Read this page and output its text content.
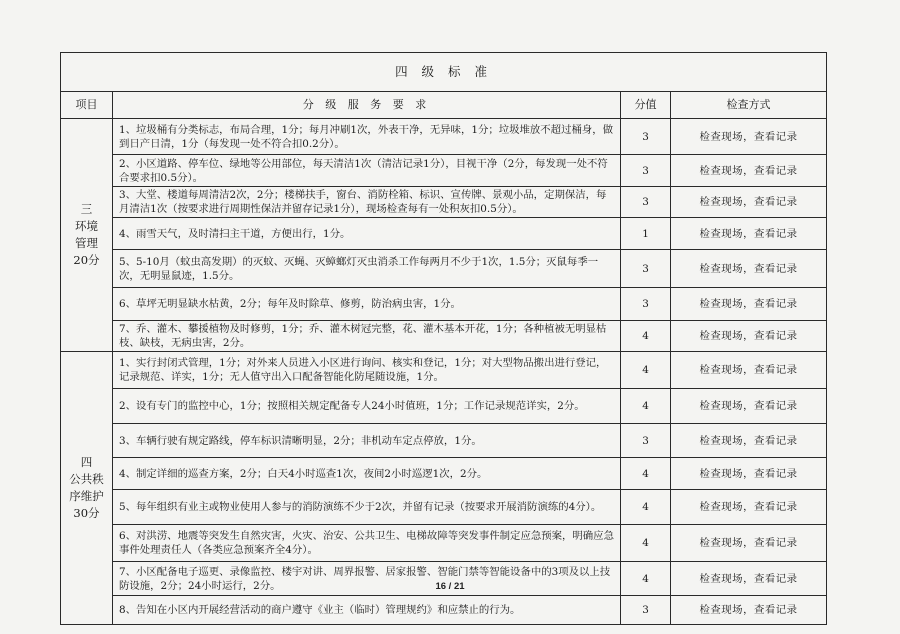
四 级 标 准			
项目	分 级 服 务 要 求	分值	检查方式

三
环境
管理
20分	1、垃圾桶有分类标志，布局合理，1分；每月冲刷1次，外表干净，无异味，1分；垃圾堆放不超过桶身，做到日产日清，1分（每发现一处不符合扣0.2分）。	3	检查现场，查看记录
	2、小区道路、停车位、绿地等公用部位，每天清洁1次（清洁记录1分），目视干净（2分，每发现一处不符合要求扣0.5分）。	3	检查现场，查看记录
	3、大堂、楼道每周清洁2次，2分；楼梯扶手，窗台、消防栓箱、标识、宣传牌、景观小品，定期保洁，每月清洁1次（按要求进行周期性保洁并留存记录1分），现场检查每有一处积灰扣0.5分）。	3	检查现场，查看记录
	4、雨雪天气，及时清扫主干道，方便出行，1分。	1	检查现场，查看记录
	5、5-10月（蚊虫高发期）的灭蚊、灭蝇、灭蟑螂灯灭虫消杀工作每两月不少于1次，1.5分；灭鼠每季一次，无明显鼠迹，1.5分。	3	检查现场，查看记录
	6、草坪无明显缺水枯黄，2分；每年及时除草、修剪，防治病虫害，1分。	3	检查现场，查看记录
	7、乔、灌木、攀援植物及时修剪，1分；乔、灌木树冠完整，花、灌木基本开花，1分；各种植被无明显枯枝、缺枝，无病虫害，2分。	4	检查现场，查看记录

四
公共秩
序维护
30分	1、实行封闭式管理，1分；对外来人员进入小区进行询问、核实和登记，1分；对大型物品搬出进行登记，记录规范、详实，1分；无人值守出入口配备智能化防尾随设施，1分。	4	检查现场，查看记录
	2、设有专门的监控中心，1分；按照相关规定配备专人24小时值班，1分；工作记录规范详实，2分。	4	检查现场，查看记录
	3、车辆行驶有规定路线，停车标识清晰明显，2分；非机动车定点停放，1分。	3	检查现场，查看记录
	4、制定详细的巡查方案，2分；白天4小时巡查1次，夜间2小时巡逻1次，2分。	4	检查现场，查看记录
	5、每年组织有业主或物业使用人参与的消防演练不少于2次，并留有记录（按要求开展消防演练的4分）。	4	检查现场，查看记录
	6、对洪涝、地震等突发生自然灾害，火灾、治安、公共卫生、电梯故障等突发事件制定应急预案，明确应急事件处理责任人（各类应急预案齐全4分）。	4	检查现场，查看记录
	7、小区配备电子巡更、录像监控、楼宇对讲、周界报警、居家报警、智能门禁等智能设备中的3项及以上技防设施，2分；24小时运行，2分。	4	检查现场，查看记录
	8、告知在小区内开展经营活动的商户遵守《业主（临时）管理规约》和应禁止的行为。	3	检查现场，查看记录
16 / 21
